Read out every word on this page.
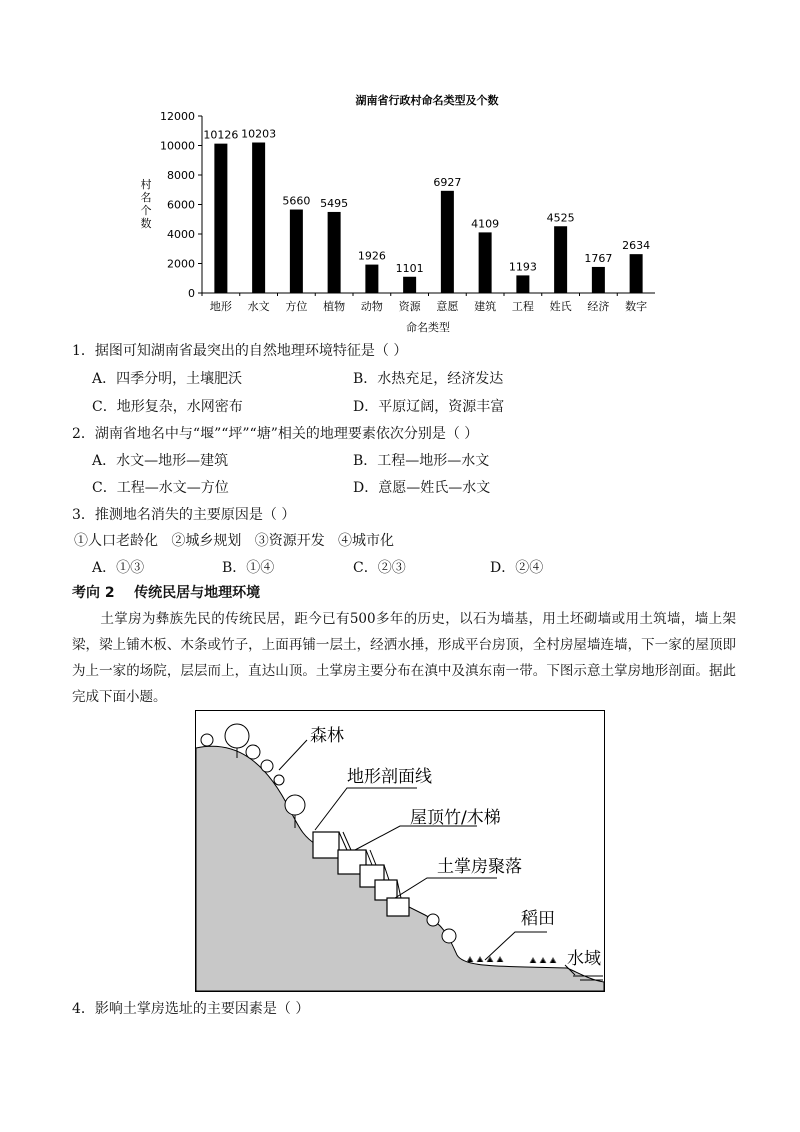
湖南省行政村命名类型及个数
村
名
个
数
0
2000
4000
6000
8000
10000
12000
10126 10203
5660 5495
1926
1101
6927
4109
1193
4525
1767
2634
地形 水文 方位 植物 动物 资源 意愿 建筑 工程 姓氏 经济 数字
命名类型
1．据图可知湖南省最突出的自然地理环境特征是（ ）
A．四季分明，土壤肥沃	B．水热充足，经济发达
C．地形复杂，水网密布	D．平原辽阔，资源丰富
2．湖南省地名中与“堰”“坪”“塘”相关的地理要素依次分别是（ ）
A．水文—地形—建筑	B．工程—地形—水文
C．工程—水文—方位	D．意愿—姓氏—水文
3．推测地名消失的主要原因是（ ）
①人口老龄化   ②城乡规划   ③资源开发   ④城市化
A．①③	B．①④	C．②③	D．②④
考向 2    传统民居与地理环境
土掌房为彝族先民的传统民居，距今已有500多年的历史，以石为墙基，用土坯砌墙或用土筑墙，墙上架梁，梁上铺木板、木条或竹子，上面再铺一层土，经洒水捶，形成平台房顶，全村房屋墙连墙，下一家的屋顶即为上一家的场院，层层而上，直达山顶。土掌房主要分布在滇中及滇东南一带。下图示意土掌房地形剖面。据此完成下面小题。
森林
地形剖面线
屋顶竹/木梯
土掌房聚落
稻田
水域
4．影响土掌房选址的主要因素是（ ）
